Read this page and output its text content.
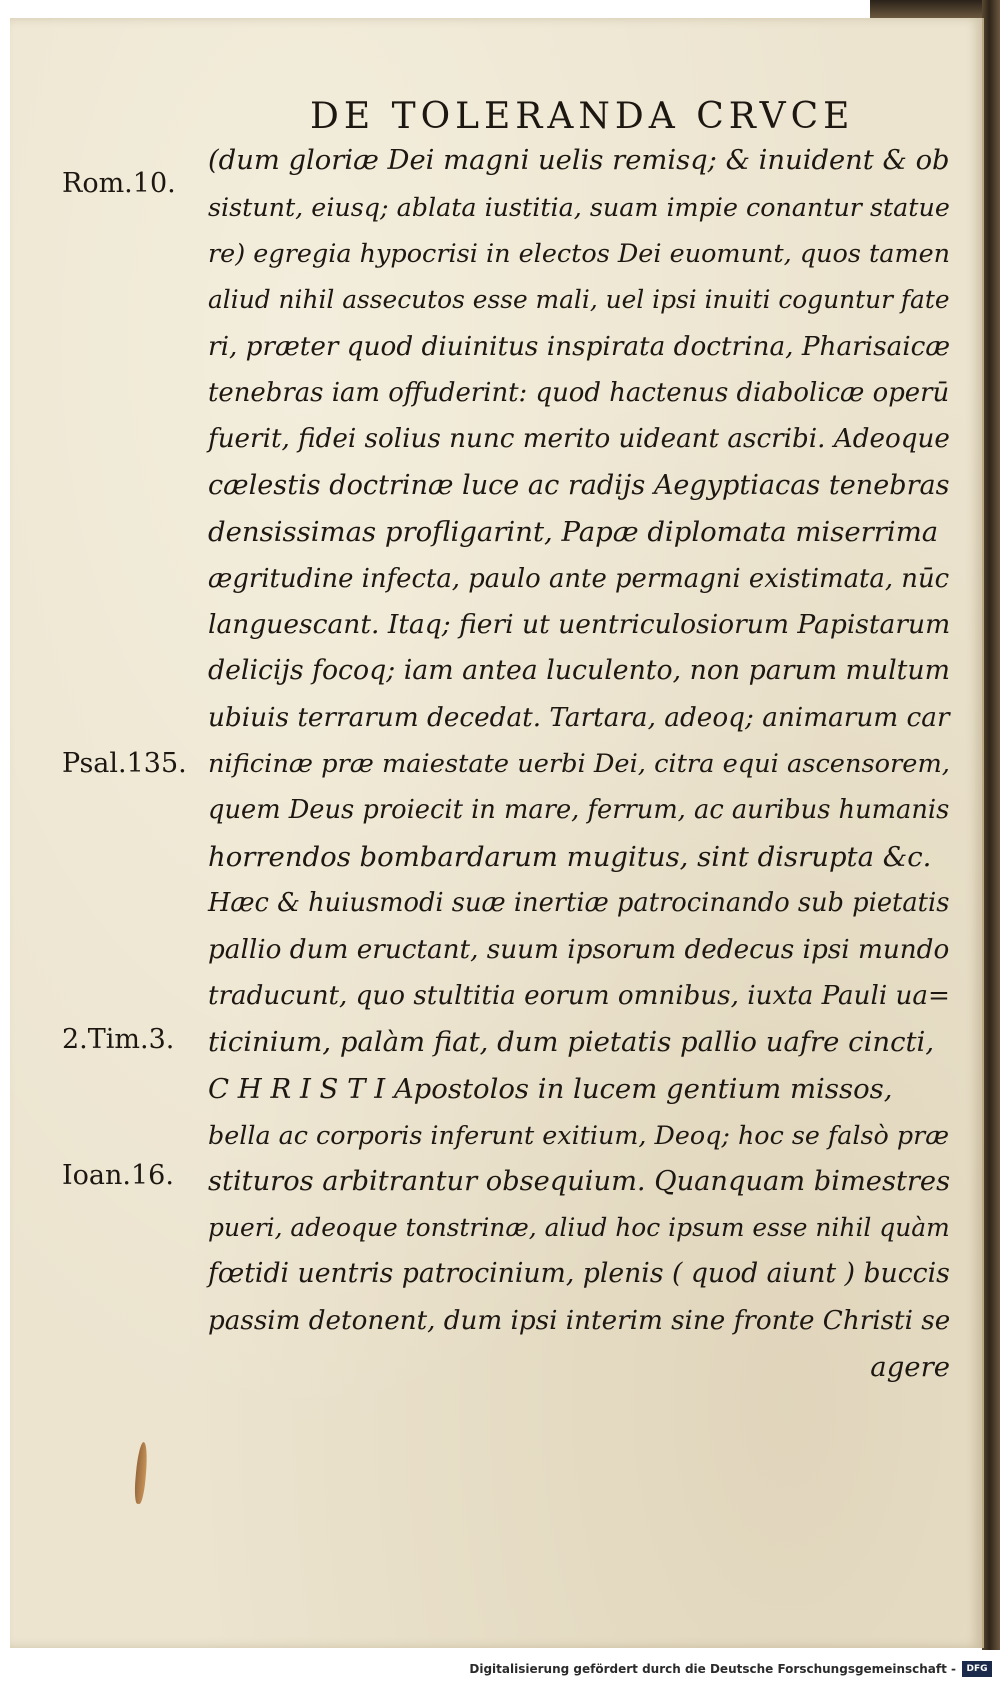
DE TOLERANDA CRVCE
Rom.10.
Psal.135.
2.Tim.3.
Ioan.16.
(dum gloriæ Dei magni uelis remisq; & inuident & ob
sistunt, eiusq; ablata iustitia, suam impie conantur statue
re) egregia hypocrisi in electos Dei euomunt, quos tamen
aliud nihil assecutos esse mali, uel ipsi inuiti coguntur fate
ri, præter quod diuinitus inspirata doctrina, Pharisaicæ
tenebras iam offuderint: quod hactenus diabolicæ operū
fuerit, fidei solius nunc merito uideant ascribi. Adeoque
cælestis doctrinæ luce ac radijs Aegyptiacas tenebras
densissimas profligarint, Papæ diplomata miserrima
ægritudine infecta, paulo ante permagni existimata, nūc
languescant. Itaq; fieri ut uentriculosiorum Papistarum
delicijs focoq; iam antea luculento, non parum multum
ubiuis terrarum decedat. Tartara, adeoq; animarum car
nificinæ præ maiestate uerbi Dei, citra equi ascensorem,
quem Deus proiecit in mare, ferrum, ac auribus humanis
horrendos bombardarum mugitus, sint disrupta &c.
Hæc & huiusmodi suæ inertiæ patrocinando sub pietatis
pallio dum eructant, suum ipsorum dedecus ipsi mundo
traducunt, quo stultitia eorum omnibus, iuxta Pauli ua=
ticinium, palàm fiat, dum pietatis pallio uafre cincti,
C H R I S T I Apostolos in lucem gentium missos,
bella ac corporis inferunt exitium, Deoq; hoc se falsò præ
stituros arbitrantur obsequium. Quanquam bimestres
pueri, adeoque tonstrinæ, aliud hoc ipsum esse nihil quàm
fœtidi uentris patrocinium, plenis ( quod aiunt ) buccis
passim detonent, dum ipsi interim sine fronte Christi se
agere
Digitalisierung gefördert durch die Deutsche Forschungsgemeinschaft -	DFG
